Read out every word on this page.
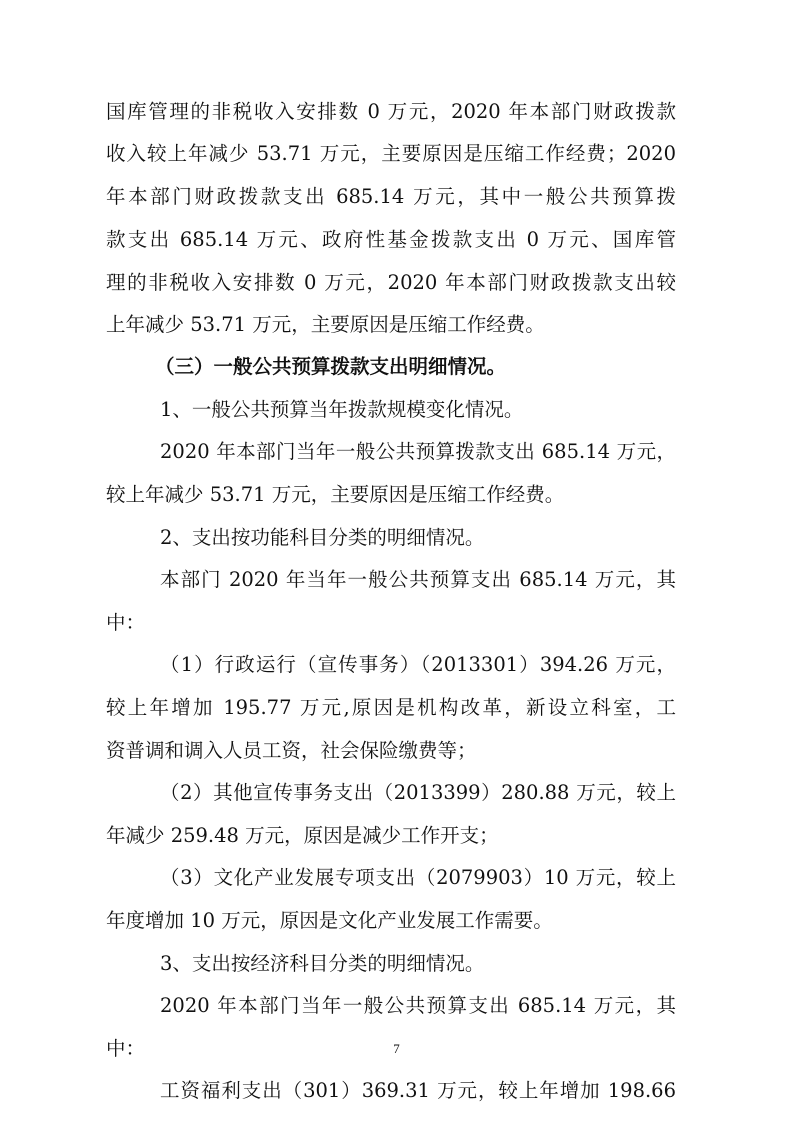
国库管理的非税收入安排数 0 万元，2020 年本部门财政拨款
收入较上年减少 53.71 万元，主要原因是压缩工作经费；2020
年本部门财政拨款支出 685.14 万元，其中一般公共预算拨
款支出 685.14 万元、政府性基金拨款支出 0 万元、国库管
理的非税收入安排数 0 万元，2020 年本部门财政拨款支出较
上年减少 53.71 万元，主要原因是压缩工作经费。
（三）一般公共预算拨款支出明细情况。
1、一般公共预算当年拨款规模变化情况。
2020 年本部门当年一般公共预算拨款支出 685.14 万元，
较上年减少 53.71 万元，主要原因是压缩工作经费。
2、支出按功能科目分类的明细情况。
本部门 2020 年当年一般公共预算支出 685.14 万元，其
中：
（1）行政运行（宣传事务）（2013301）394.26 万元，
较上年增加 195.77 万元,原因是机构改革，新设立科室，工
资普调和调入人员工资，社会保险缴费等；
（2）其他宣传事务支出（2013399）280.88 万元，较上
年减少 259.48 万元，原因是减少工作开支；
（3）文化产业发展专项支出（2079903）10 万元，较上
年度增加 10 万元，原因是文化产业发展工作需要。
3、支出按经济科目分类的明细情况。
2020 年本部门当年一般公共预算支出 685.14 万元，其
中：
工资福利支出（301）369.31 万元，较上年增加 198.66
7
